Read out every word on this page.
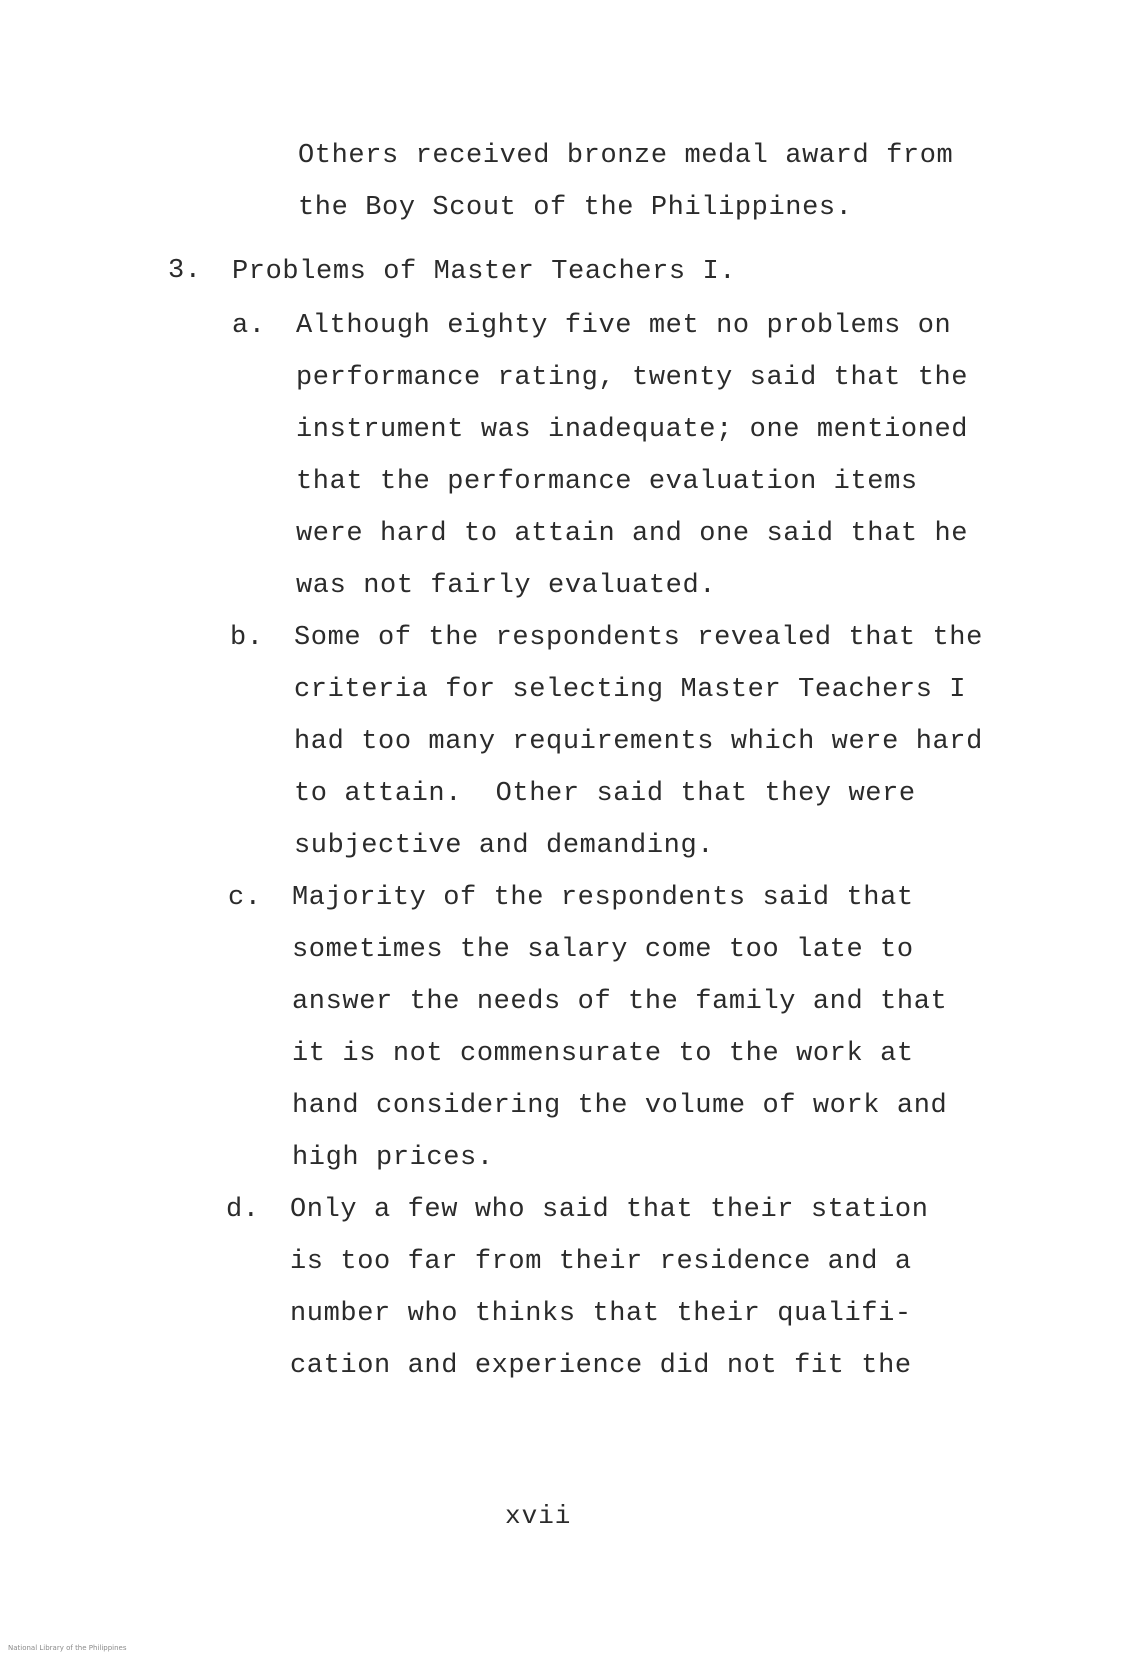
Others received bronze medal award from
the Boy Scout of the Philippines.
3. Problems of Master Teachers I.
a. Although eighty five met no problems on
performance rating, twenty said that the
instrument was inadequate; one mentioned
that the performance evaluation items
were hard to attain and one said that he
was not fairly evaluated.
b. Some of the respondents revealed that the
criteria for selecting Master Teachers I
had too many requirements which were hard
to attain.  Other said that they were
subjective and demanding.
c. Majority of the respondents said that
sometimes the salary come too late to
answer the needs of the family and that
it is not commensurate to the work at
hand considering the volume of work and
high prices.
d. Only a few who said that their station
is too far from their residence and a
number who thinks that their qualifi-
cation and experience did not fit the
xvii
National Library of the Philippines
